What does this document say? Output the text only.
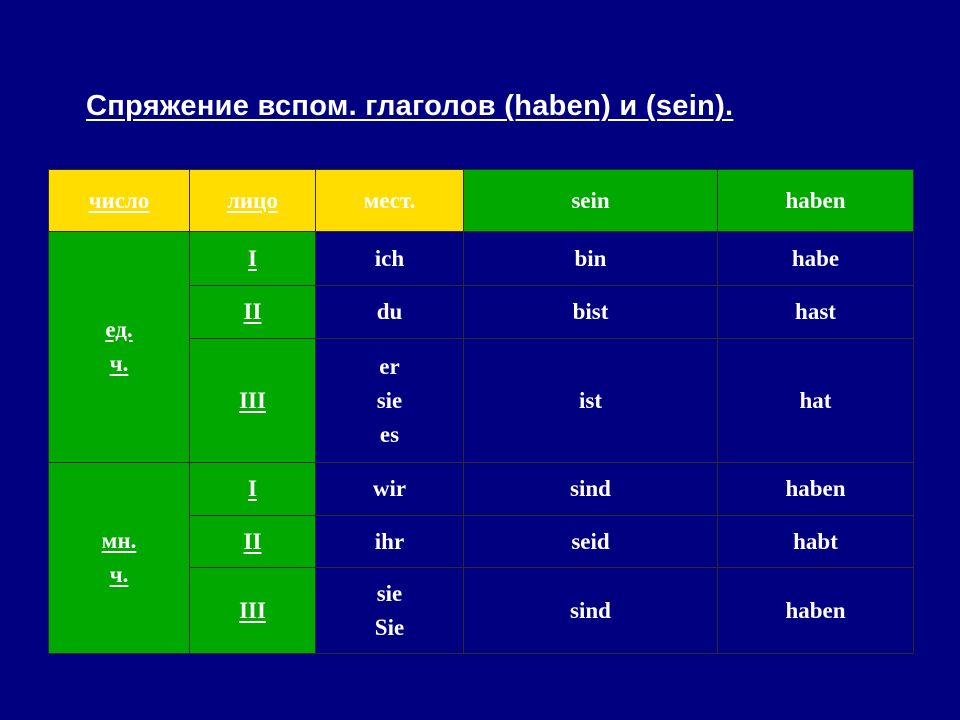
Спряжение вспом. глаголов (haben) и (sein).
число	лицо	мест.	sein	haben

ед.
ч.	I	ich	bin	habe
	II	du	bist	hast
	III	er
sie
es	ist	hat

мн.
ч.	I	wir	sind	haben
	II	ihr	seid	habt
	III	sie
Sie	sind	haben
